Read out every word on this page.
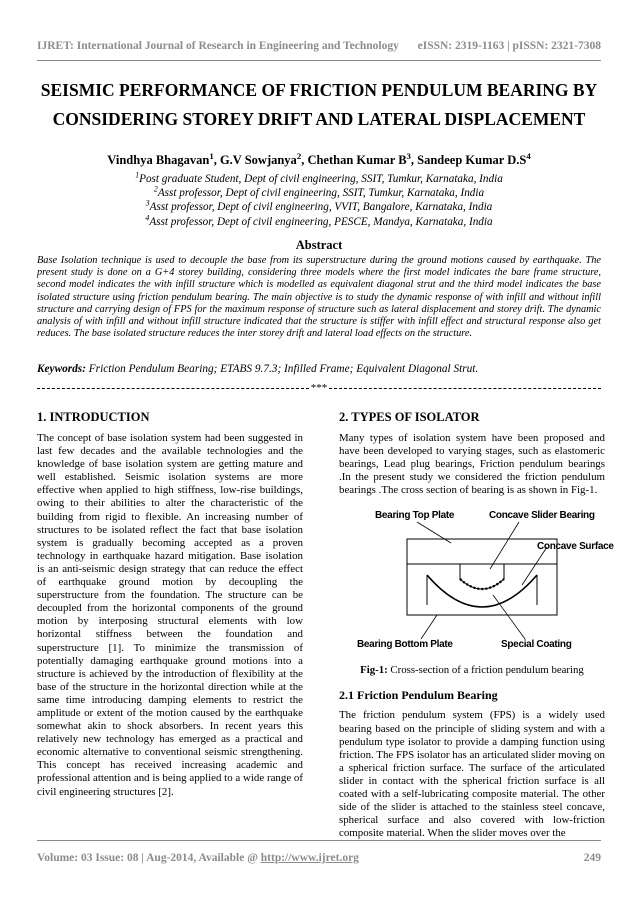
IJRET: International Journal of Research in Engineering and Technology eISSN: 2319-1163 | pISSN: 2321-7308
SEISMIC PERFORMANCE OF FRICTION PENDULUM BEARING BY
CONSIDERING STOREY DRIFT AND LATERAL DISPLACEMENT
Vindhya Bhagavan$^1$, G.V Sowjanya$^2$, Chethan Kumar $B^3$, Sandeep Kumar $D.S^4$
$^1$Post graduate Student, Dept of civil engineering, SSIT, Tumkur, Karnataka, India
$^2$Asst professor, Dept of civil engineering, SSIT, Tumkur, Karnataka, India
$^3$Asst professor, Dept of civil engineering, VVIT, Bangalore, Karnataka, India
$^4$Asst professor, Dept of civil engineering, PESCE, Mandya, Karnataka, India
Abstract
Base Isolation technique is used to decouple the base from its superstructure during the ground motions caused by earthquake. The present study is done on a G+4 storey building, considering three models where the first model indicates the bare frame structure, second model indicates the with infill structure which is modelled as equivalent diagonal strut and the third model indicates the base isolated structure using friction pendulum bearing. The main objective is to study the dynamic response of with infill and without infill structure and carrying design of FPS for the maximum response of structure such as lateral displacement and storey drift. The dynamic analysis of with infill and without infill structure indicated that the structure is stiffer with infill effect and structural response also get reduces. The base isolated structure reduces the inter storey drift and lateral load effects on the structure.
Keywords: Friction Pendulum Bearing; ETABS 9.7.3; Infilled Frame; Equivalent Diagonal Strut.
***
1. INTRODUCTION
The concept of base isolation system had been suggested in last few decades and the available technologies and the knowledge of base isolation system are getting mature and well established. Seismic isolation systems are more effective when applied to high stiffness, low-rise buildings, owing to their abilities to alter the characteristic of the building from rigid to flexible. An increasing number of structures to be isolated reflect the fact that base isolation system is gradually becoming accepted as a proven technology in earthquake hazard mitigation. Base isolation is an anti-seismic design strategy that can reduce the effect of earthquake ground motion by decoupling the superstructure from the foundation. The structure can be decoupled from the horizontal components of the ground motion by interposing structural elements with low horizontal stiffness between the foundation and superstructure [1]. To minimize the transmission of potentially damaging earthquake ground motions into a structure is achieved by the introduction of flexibility at the base of the structure in the horizontal direction while at the same time introducing damping elements to restrict the amplitude or extent of the motion caused by the earthquake somewhat akin to shock absorbers. In recent years this relatively new technology has emerged as a practical and economic alternative to conventional seismic strengthening. This concept has received increasing academic and professional attention and is being applied to a wide range of civil engineering structures [2].
2. TYPES OF ISOLATOR
Many types of isolation system have been proposed and have been developed to varying stages, such as elastomeric bearings, Lead plug bearings, Friction pendulum bearings .In the present study we considered the friction pendulum bearings .The cross section of bearing is as shown in Fig-1.
Bearing Top Plate	Concave Slider Bearing
Concave Surface
Bearing Bottom Plate	Special Coating
Fig-1: Cross-section of a friction pendulum bearing
2.1 Friction Pendulum Bearing
The friction pendulum system (FPS) is a widely used bearing based on the principle of sliding system and with a pendulum type isolator to provide a damping function using friction. The FPS isolator has an articulated slider moving on a spherical friction surface. The surface of the articulated slider in contact with the spherical friction surface is all coated with a self-lubricating composite material. The other side of the slider is attached to the stainless steel concave, spherical surface and also covered with low-friction composite material. When the slider moves over the
Volume: 03 Issue: 08 | Aug-2014, Available @ http://www.ijret.org	249
